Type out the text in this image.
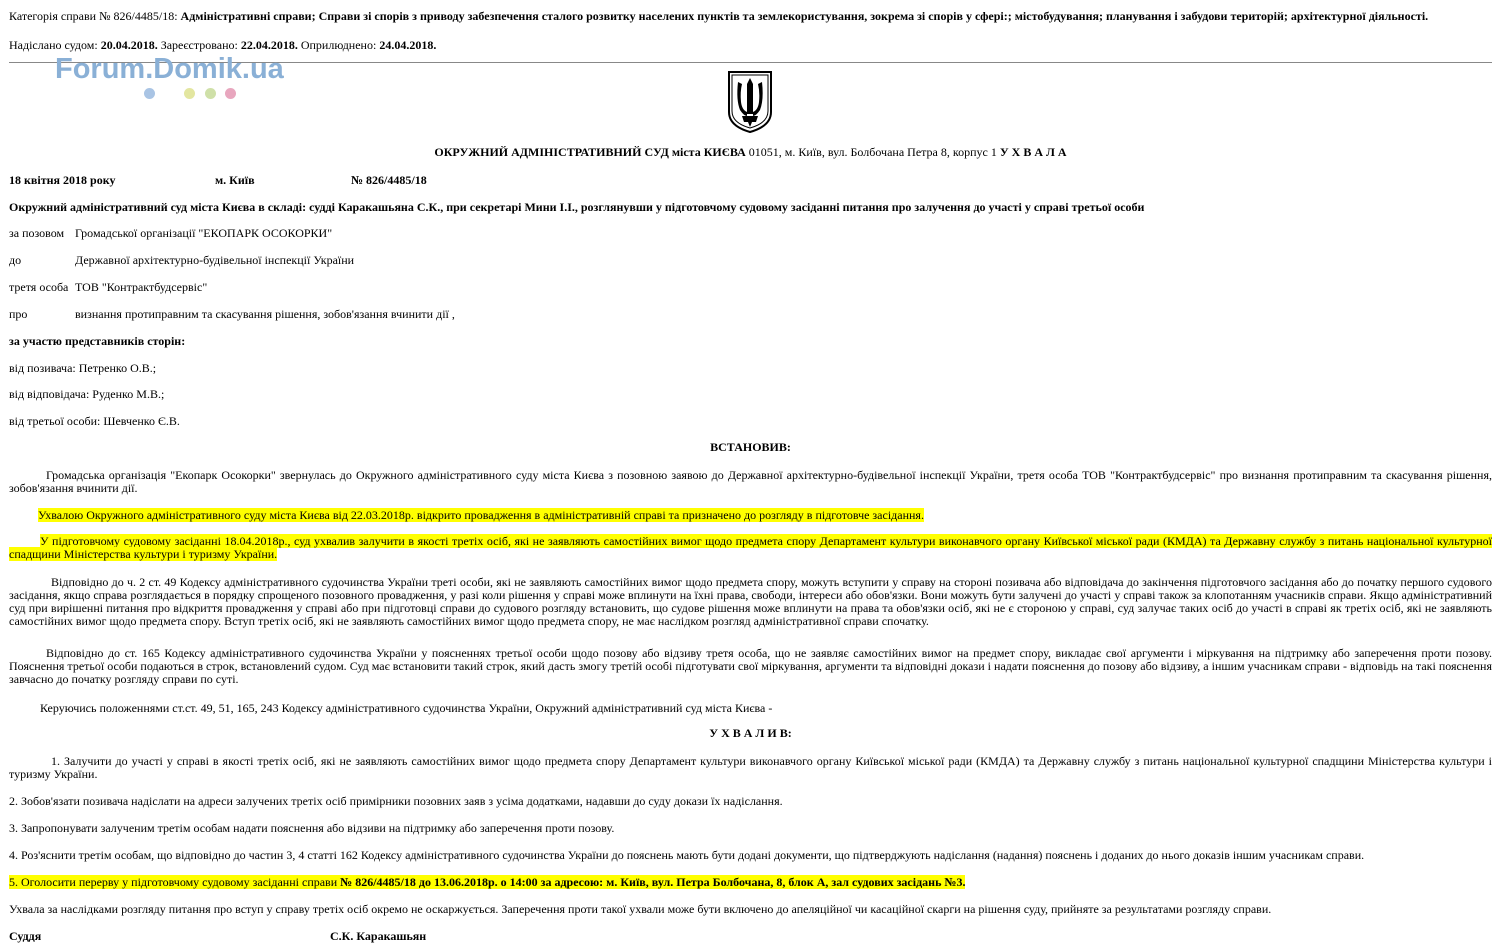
Категорія справи № 826/4485/18: Адміністративні справи; Справи зі спорів з приводу забезпечення сталого розвитку населених пунктів та землекористування, зокрема зі спорів у сфері:; містобудування; планування і забудови територій; архітектурної діяльності.
Надіслано судом: 20.04.2018. Зареєстровано: 22.04.2018. Оприлюднено: 24.04.2018.
Forum.Domik.ua
ОКРУЖНИЙ АДМІНІСТРАТИВНИЙ СУД міста КИЄВА 01051, м. Київ, вул. Болбочана Петра 8, корпус 1 У Х В А Л А
18 квітня 2018 року	м. Київ	№ 826/4485/18
Окружний адміністративний суд міста Києва в складі: судді Каракашьяна С.К., при секретарі Мини І.І., розглянувши у підготовчому судовому засіданні питання про залучення до участі у справі третьої особи
за позовом Громадської організації "ЕКОПАРК ОСОКОРКИ"
до	Державної архітектурно-будівельної інспекції України
третя особа ТОВ "Контрактбудсервіс"
про	визнання протиправним та скасування рішення, зобов'язання вчинити дії ,
за участю представників сторін:
від позивача: Петренко О.В.;
від відповідача: Руденко М.В.;
від третьої особи: Шевченко Є.В.
ВСТАНОВИВ:
Громадська організація "Екопарк Осокорки" звернулась до Окружного адміністративного суду міста Києва з позовною заявою до Державної архітектурно-будівельної інспекції України, третя особа ТОВ "Контрактбудсервіс" про визнання протиправним та скасування рішення, зобов'язання вчинити дії.
Ухвалою Окружного адміністративного суду міста Києва від 22.03.2018р. відкрито провадження в адміністративній справі та призначено до розгляду в підготовче засідання.
У підготовчому судовому засіданні 18.04.2018р., суд ухвалив залучити в якості третіх осіб, які не заявляють самостійних вимог щодо предмета спору Департамент культури виконавчого органу Київської міської ради (КМДА) та Державну службу з питань національної культурної спадщини Міністерства культури і туризму України.
Відповідно до ч. 2 ст. 49 Кодексу адміністративного судочинства України треті особи, які не заявляють самостійних вимог щодо предмета спору, можуть вступити у справу на стороні позивача або відповідача до закінчення підготовчого засідання або до початку першого судового засідання, якщо справа розглядається в порядку спрощеного позовного провадження, у разі коли рішення у справі може вплинути на їхні права, свободи, інтереси або обов'язки. Вони можуть бути залучені до участі у справі також за клопотанням учасників справи. Якщо адміністративний суд при вирішенні питання про відкриття провадження у справі або при підготовці справи до судового розгляду встановить, що судове рішення може вплинути на права та обов'язки осіб, які не є стороною у справі, суд залучає таких осіб до участі в справі як третіх осіб, які не заявляють самостійних вимог щодо предмета спору. Вступ третіх осіб, які не заявляють самостійних вимог щодо предмета спору, не має наслідком розгляд адміністративної справи спочатку.
Відповідно до ст. 165 Кодексу адміністративного судочинства України у поясненнях третьої особи щодо позову або відзиву третя особа, що не заявляє самостійних вимог на предмет спору, викладає свої аргументи і міркування на підтримку або заперечення проти позову. Пояснення третьої особи подаються в строк, встановлений судом. Суд має встановити такий строк, який дасть змогу третій особі підготувати свої міркування, аргументи та відповідні докази і надати пояснення до позову або відзиву, а іншим учасникам справи - відповідь на такі пояснення завчасно до початку розгляду справи по суті.
Керуючись положеннями ст.ст. 49, 51, 165, 243 Кодексу адміністративного судочинства України, Окружний адміністративний суд міста Києва -
У Х В А Л И В:
1. Залучити до участі у справі в якості третіх осіб, які не заявляють самостійних вимог щодо предмета спору Департамент культури виконавчого органу Київської міської ради (КМДА) та Державну службу з питань національної культурної спадщини Міністерства культури і туризму України.
2. Зобов'язати позивача надіслати на адреси залучених третіх осіб примірники позовних заяв з усіма додатками, надавши до суду докази їх надіслання.
3. Запропонувати залученим третім особам надати пояснення або відзиви на підтримку або заперечення проти позову.
4. Роз'яснити третім особам, що відповідно до частин 3, 4 статті 162 Кодексу адміністративного судочинства України до пояснень мають бути додані документи, що підтверджують надіслання (надання) пояснень і доданих до нього доказів іншим учасникам справи.
5. Оголосити перерву у підготовчому судовому засіданні справи № 826/4485/18 до 13.06.2018р. о 14:00 за адресою: м. Київ, вул. Петра Болбочана, 8, блок А, зал судових засідань №3.
Ухвала за наслідками розгляду питання про вступ у справу третіх осіб окремо не оскаржується. Заперечення проти такої ухвали може бути включено до апеляційної чи касаційної скарги на рішення суду, прийняте за результатами розгляду справи.
Суддя	С.К. Каракашьян
